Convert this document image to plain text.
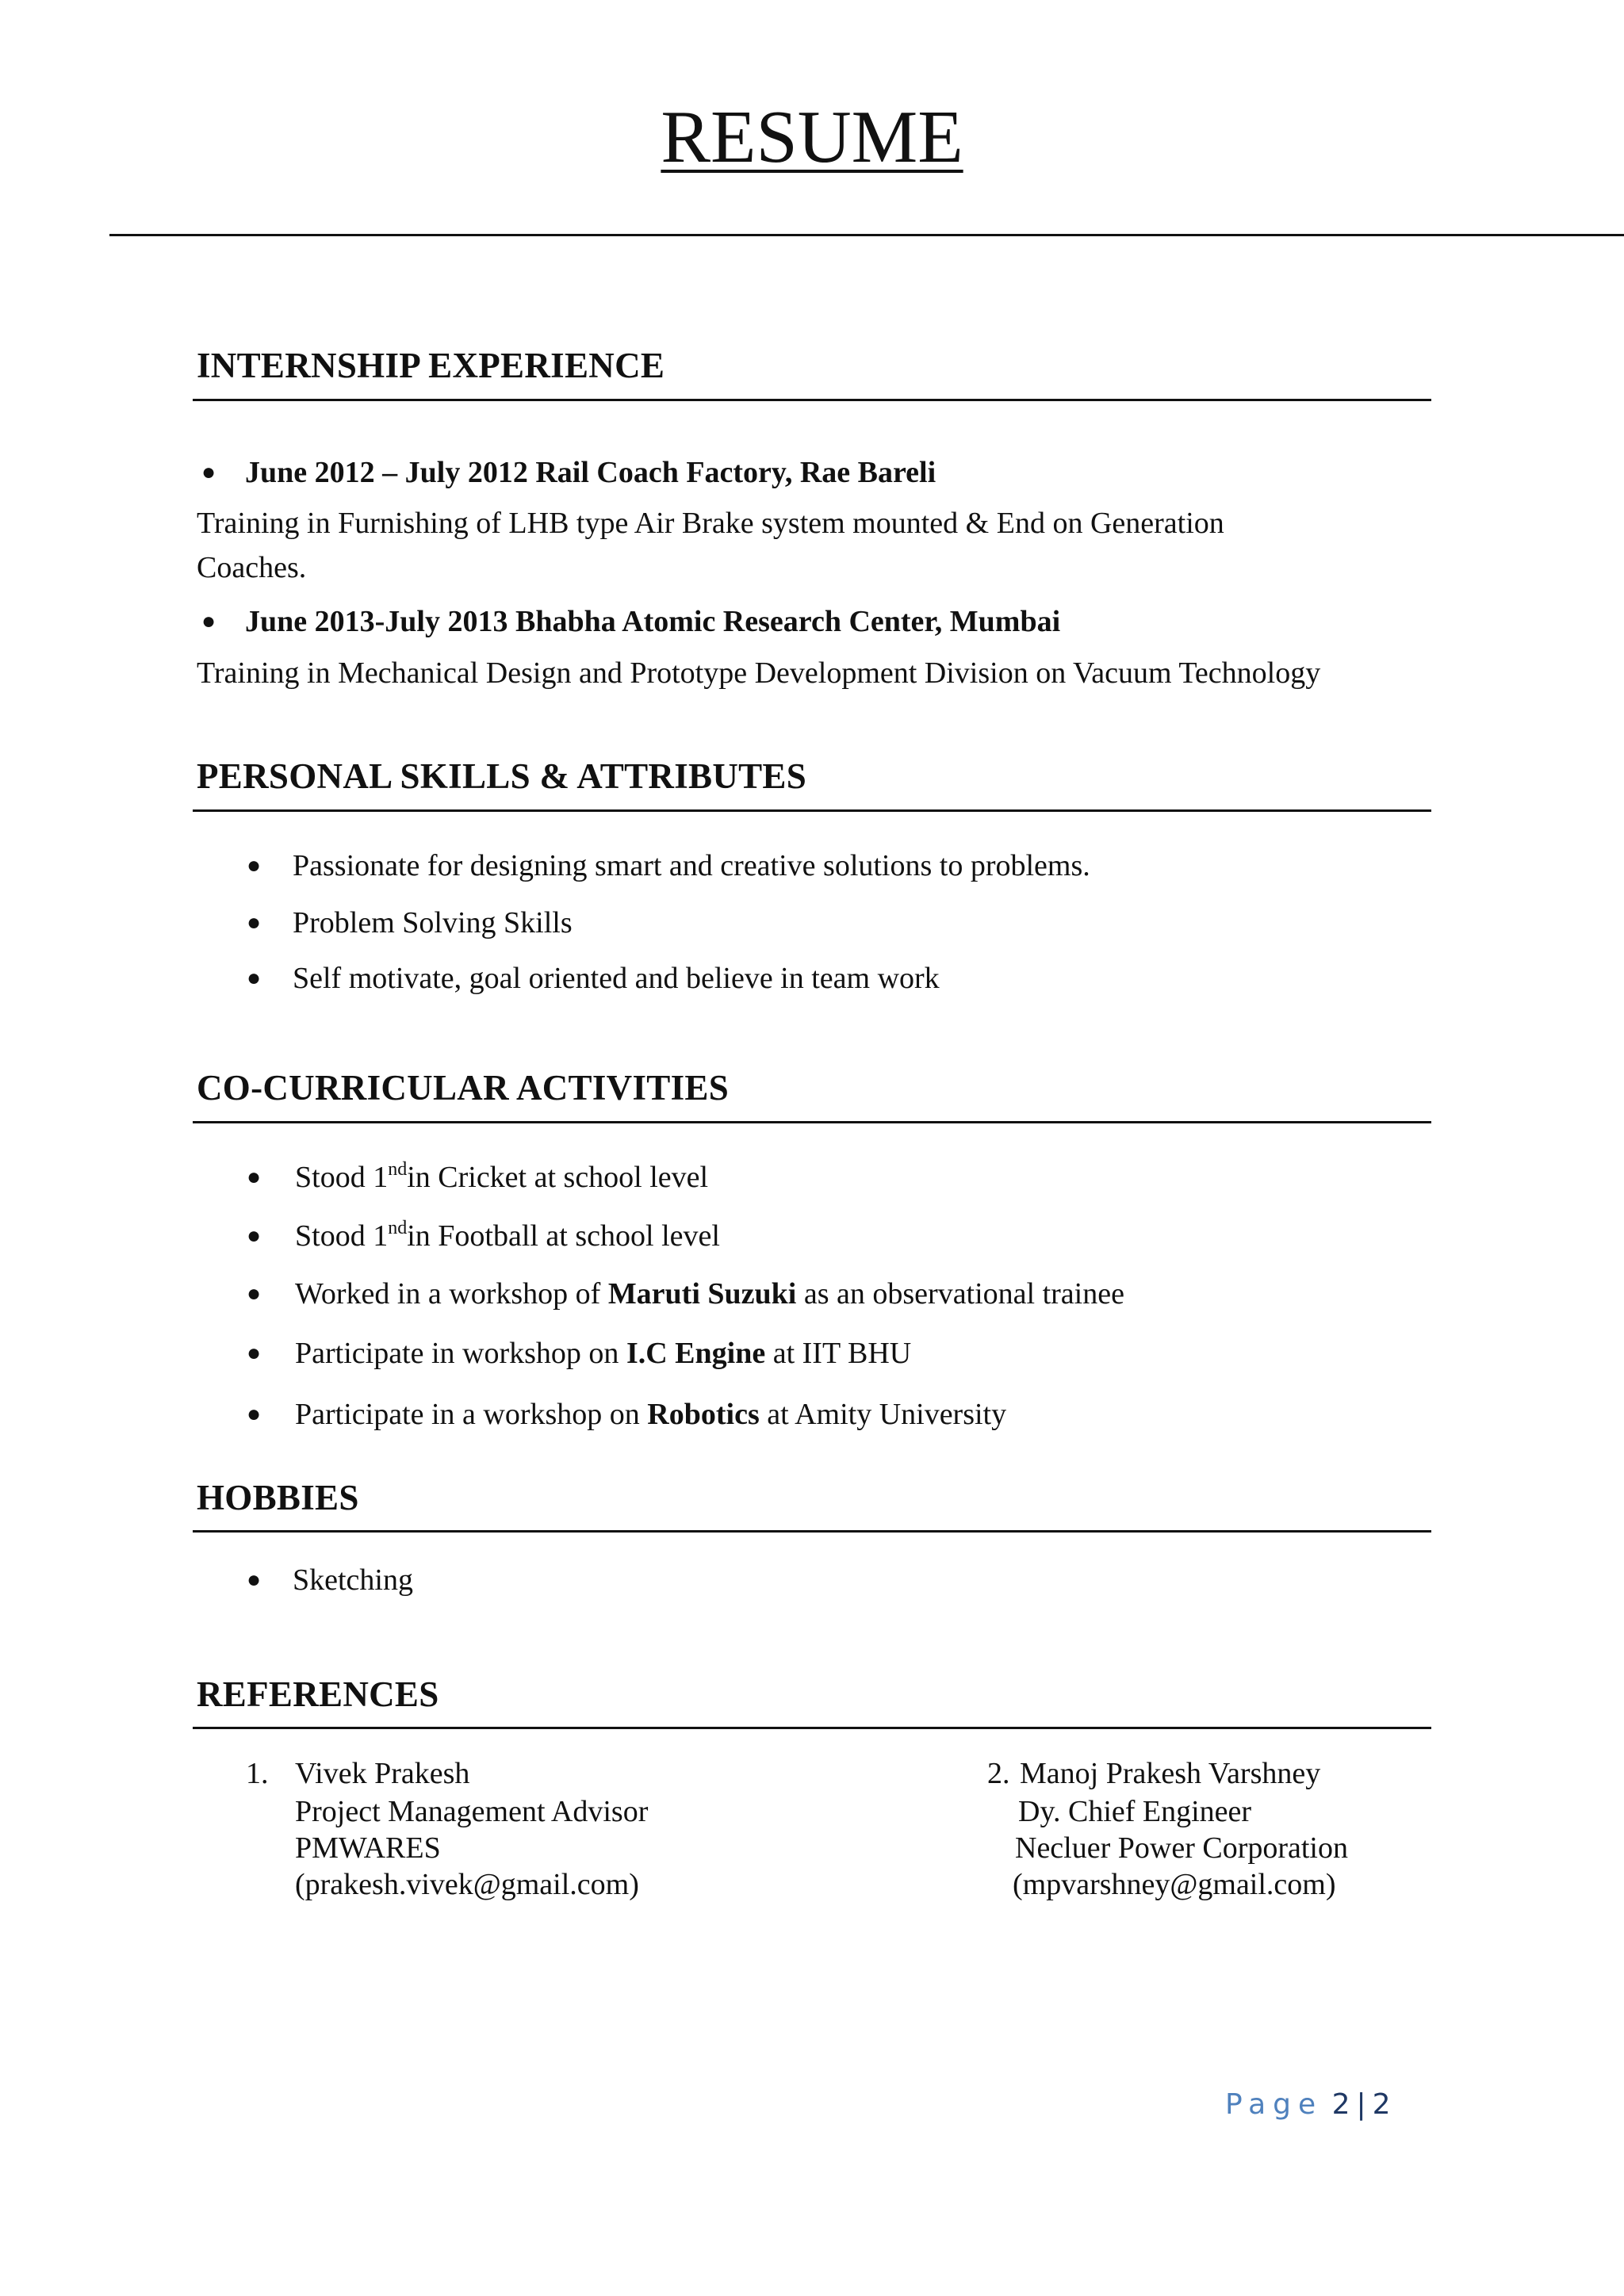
RESUME
INTERNSHIP EXPERIENCE
● June 2012 – July 2012 Rail Coach Factory, Rae Bareli

Training in Furnishing of LHB type Air Brake system mounted & End on Generation

Coaches.

● June 2013-July 2013 Bhabha Atomic Research Center, Mumbai

Training in Mechanical Design and Prototype Development Division on Vacuum Technology

PERSONAL SKILLS & ATTRIBUTES
● Passionate for designing smart and creative solutions to problems.

● Problem Solving Skills

● Self motivate, goal oriented and believe in team work

CO-CURRICULAR ACTIVITIES
● Stood 1ndin Cricket at school level

● Stood 1ndin Football at school level

● Worked in a workshop of Maruti Suzuki as an observational trainee

● Participate in workshop on I.C Engine at IIT BHU

● Participate in a workshop on Robotics at Amity University

HOBBIES
● Sketching

REFERENCES

1. Vivek Prakesh

Project Management Advisor

PMWARES

(prakesh.vivek@gmail.com)

2. Manoj Prakesh Varshney

Dy. Chief Engineer

Necluer Power Corporation

(mpvarshney@gmail.com)

Page 2 | 2
